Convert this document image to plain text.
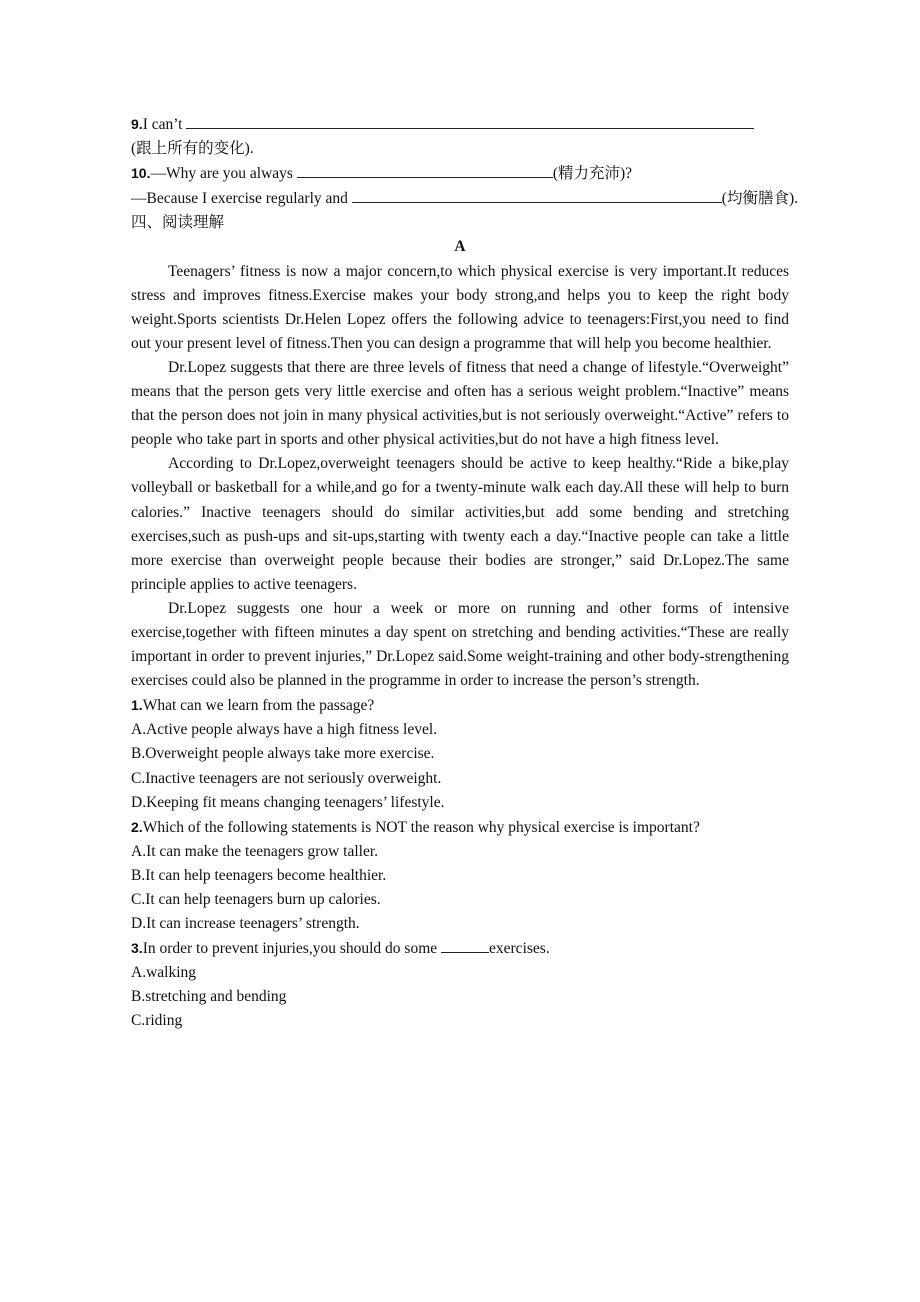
9.I can’t
(跟上所有的变化).
10.—Why are you always	(精力充沛)?
—Because I exercise regularly and	(均衡膳食).
四、阅读理解
A

Teenagers’ fitness is now a major concern,to which physical exercise is very important.It reduces stress and improves fitness.Exercise makes your body strong,and helps you to keep the right body weight.Sports scientists Dr.Helen Lopez offers the following advice to teenagers:First,you need to find out your present level of fitness.Then you can design a programme that will help you become healthier.

Dr.Lopez suggests that there are three levels of fitness that need a change of lifestyle.“Overweight” means that the person gets very little exercise and often has a serious weight problem.“Inactive” means that the person does not join in many physical activities,but is not seriously overweight.“Active” refers to people who take part in sports and other physical activities,but do not have a high fitness level.

According to Dr.Lopez,overweight teenagers should be active to keep healthy.“Ride a bike,play volleyball or basketball for a while,and go for a twenty-minute walk each day.All these will help to burn calories.” Inactive teenagers should do similar activities,but add some bending and stretching exercises,such as push-ups and sit-ups,starting with twenty each a day.“Inactive people can take a little more exercise than overweight people because their bodies are stronger,” said Dr.Lopez.The same principle applies to active teenagers.

Dr.Lopez suggests one hour a week or more on running and other forms of intensive exercise,together with fifteen minutes a day spent on stretching and bending activities.“These are really important in order to prevent injuries,” Dr.Lopez said.Some weight-training and other body-strengthening exercises could also be planned in the programme in order to increase the person’s strength.

1.What can we learn from the passage?
A.Active people always have a high fitness level.
B.Overweight people always take more exercise.
C.Inactive teenagers are not seriously overweight.
D.Keeping fit means changing teenagers’ lifestyle.
2.Which of the following statements is NOT the reason why physical exercise is important?
A.It can make the teenagers grow taller.
B.It can help teenagers become healthier.
C.It can help teenagers burn up calories.
D.It can increase teenagers’ strength.
3.In order to prevent injuries,you should do some	exercises.
A.walking
B.stretching and bending
C.riding
